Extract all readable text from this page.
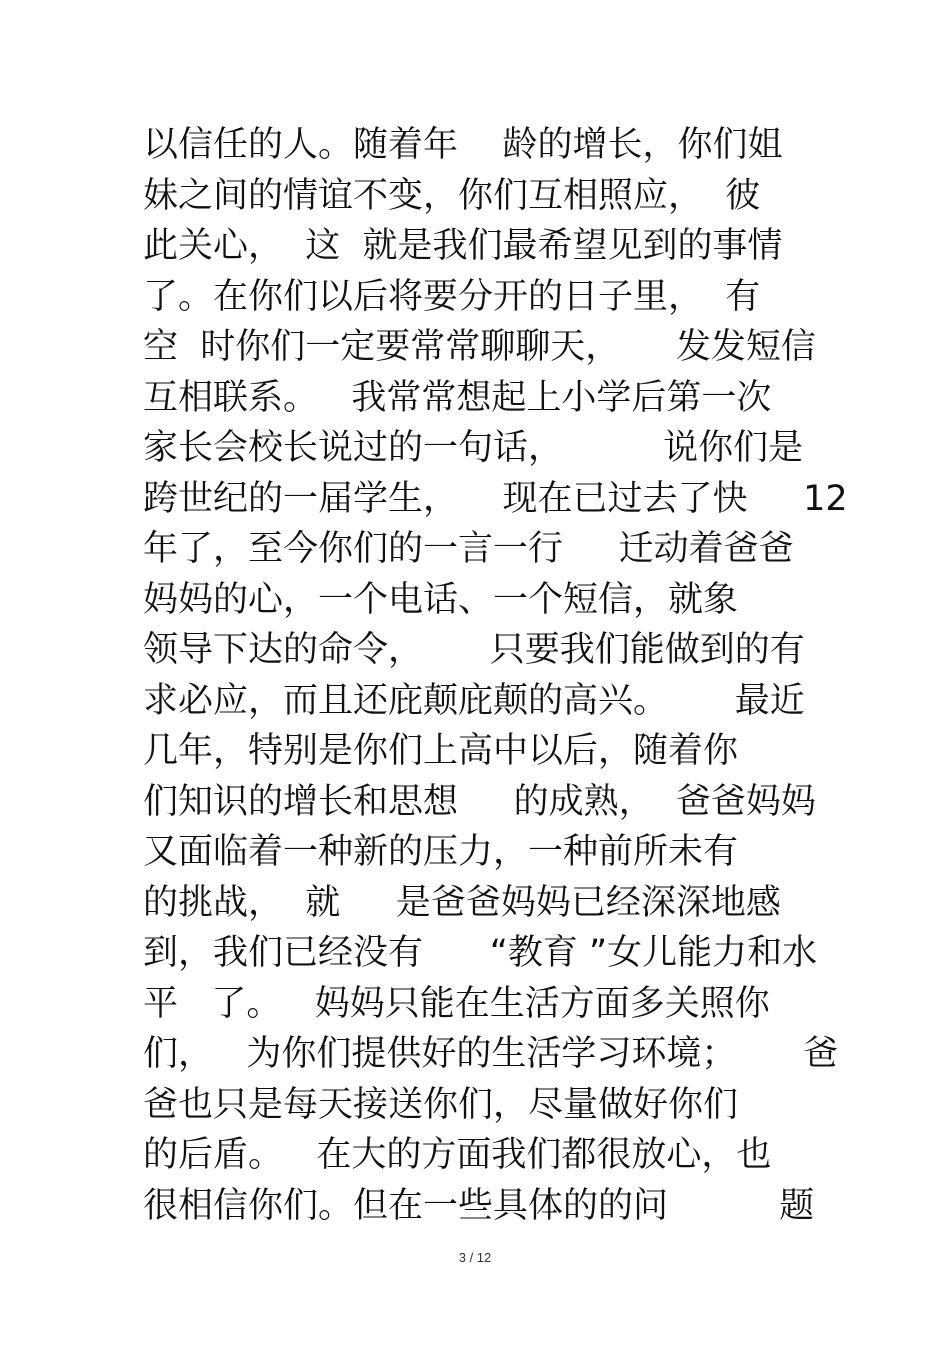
以信任的人。随着年    龄的增长，你们姐
妹之间的情谊不变，你们互相照应，  彼
此关心，  这  就是我们最希望见到的事情
了。在你们以后将要分开的日子里，  有
空  时你们一定要常常聊聊天，     发发短信
互相联系。   我常常想起上小学后第一次
家长会校长说过的一句话，         说你们是
跨世纪的一届学生，    现在已过去了快     12
年了，至今你们的一言一行     迁动着爸爸
妈妈的心，一个电话、一个短信，就象
领导下达的命令，      只要我们能做到的有
求必应，而且还庇颠庇颠的高兴。      最近
几年，特别是你们上高中以后，随着你
们知识的增长和思想     的成熟，  爸爸妈妈
又面临着一种新的压力，一种前所未有
的挑战，  就     是爸爸妈妈已经深深地感
到，我们已经没有      “教育 ”女儿能力和水
平   了。   妈妈只能在生活方面多关照你
们，   为你们提供好的生活学习环境；      爸
爸也只是每天接送你们，尽量做好你们
的后盾。   在大的方面我们都很放心，也
很相信你们。但在一些具体的的问          题
3 / 12
